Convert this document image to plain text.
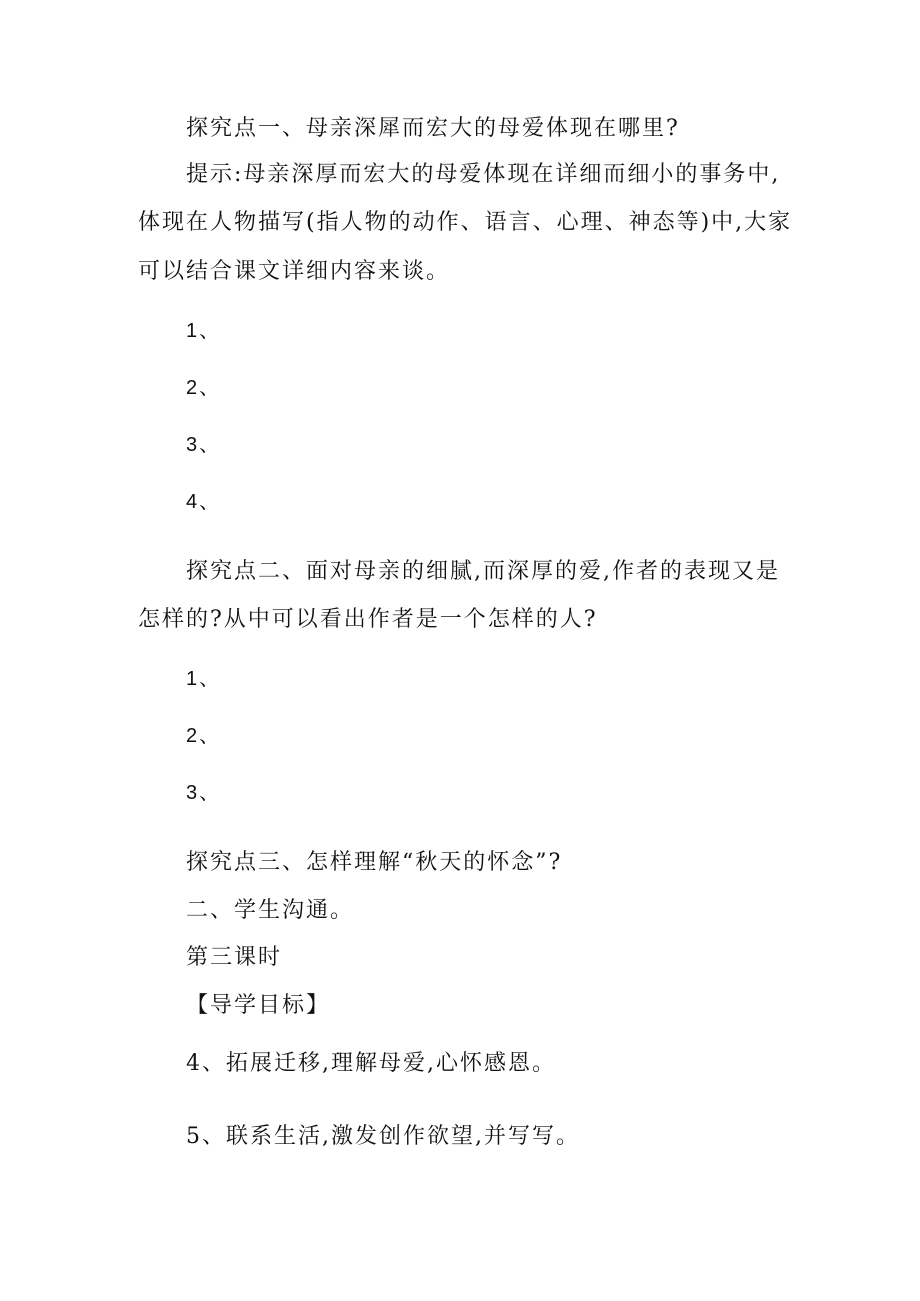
探究点一、母亲深犀而宏大的母爱体现在哪里?
提示:母亲深厚而宏大的母爱体现在详细而细小的事务中,
体现在人物描写(指人物的动作、语言、心理、神态等)中,大家
可以结合课文详细内容来谈。
1、
2、
3、
4、
探究点二、面对母亲的细腻,而深厚的爱,作者的表现又是
怎样的?从中可以看出作者是一个怎样的人?
1、
2、
3、
探究点三、怎样理解“秋天的怀念”?
二、学生沟通。
第三课时
【导学目标】
4、拓展迁移,理解母爱,心怀感恩。
5、联系生活,激发创作欲望,并写写。
